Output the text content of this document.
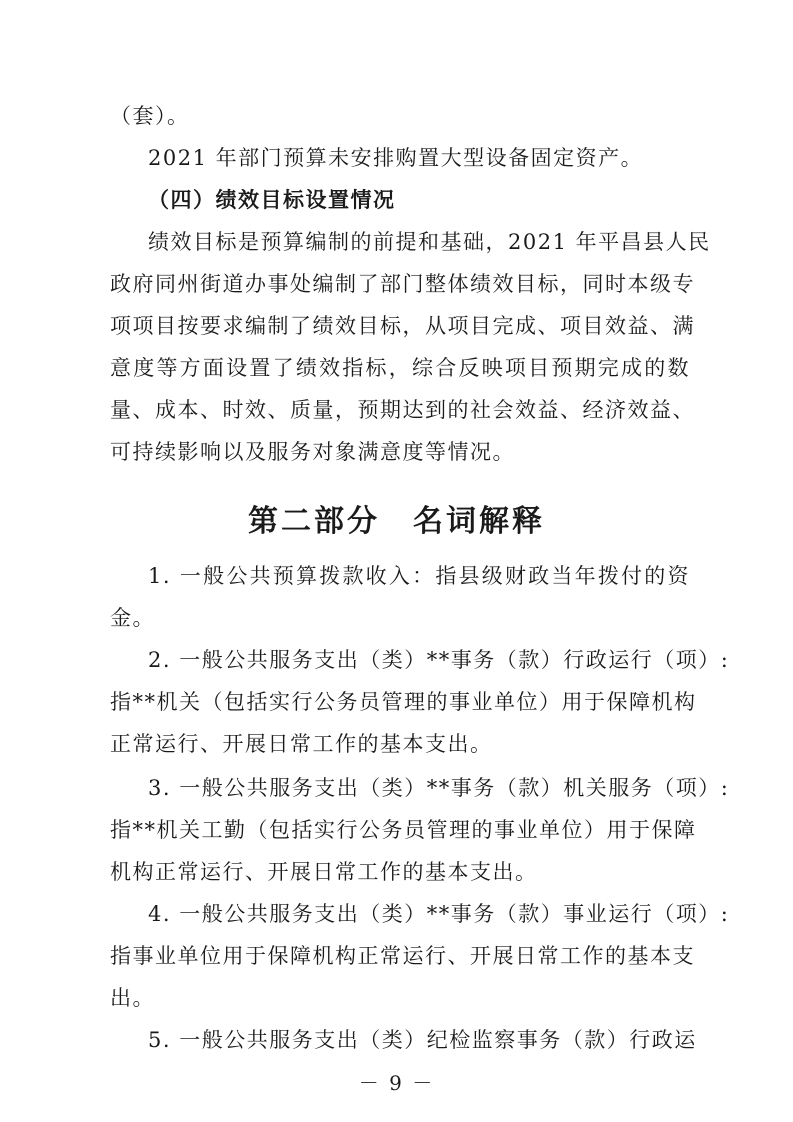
（套）。
2021 年部门预算未安排购置大型设备固定资产。
（四）绩效目标设置情况
绩效目标是预算编制的前提和基础，2021 年平昌县人民
政府同州街道办事处编制了部门整体绩效目标，同时本级专
项项目按要求编制了绩效目标，从项目完成、项目效益、满
意度等方面设置了绩效指标，综合反映项目预期完成的数
量、成本、时效、质量，预期达到的社会效益、经济效益、
可持续影响以及服务对象满意度等情况。
第二部分　名词解释
1. 一般公共预算拨款收入：指县级财政当年拨付的资
金。
2. 一般公共服务支出（类）**事务（款）行政运行（项）:
指**机关（包括实行公务员管理的事业单位）用于保障机构
正常运行、开展日常工作的基本支出。
3. 一般公共服务支出（类）**事务（款）机关服务（项）:
指**机关工勤（包括实行公务员管理的事业单位）用于保障
机构正常运行、开展日常工作的基本支出。
4. 一般公共服务支出（类）**事务（款）事业运行（项）:
指事业单位用于保障机构正常运行、开展日常工作的基本支
出。
5. 一般公共服务支出（类）纪检监察事务（款）行政运
－ 9 －
